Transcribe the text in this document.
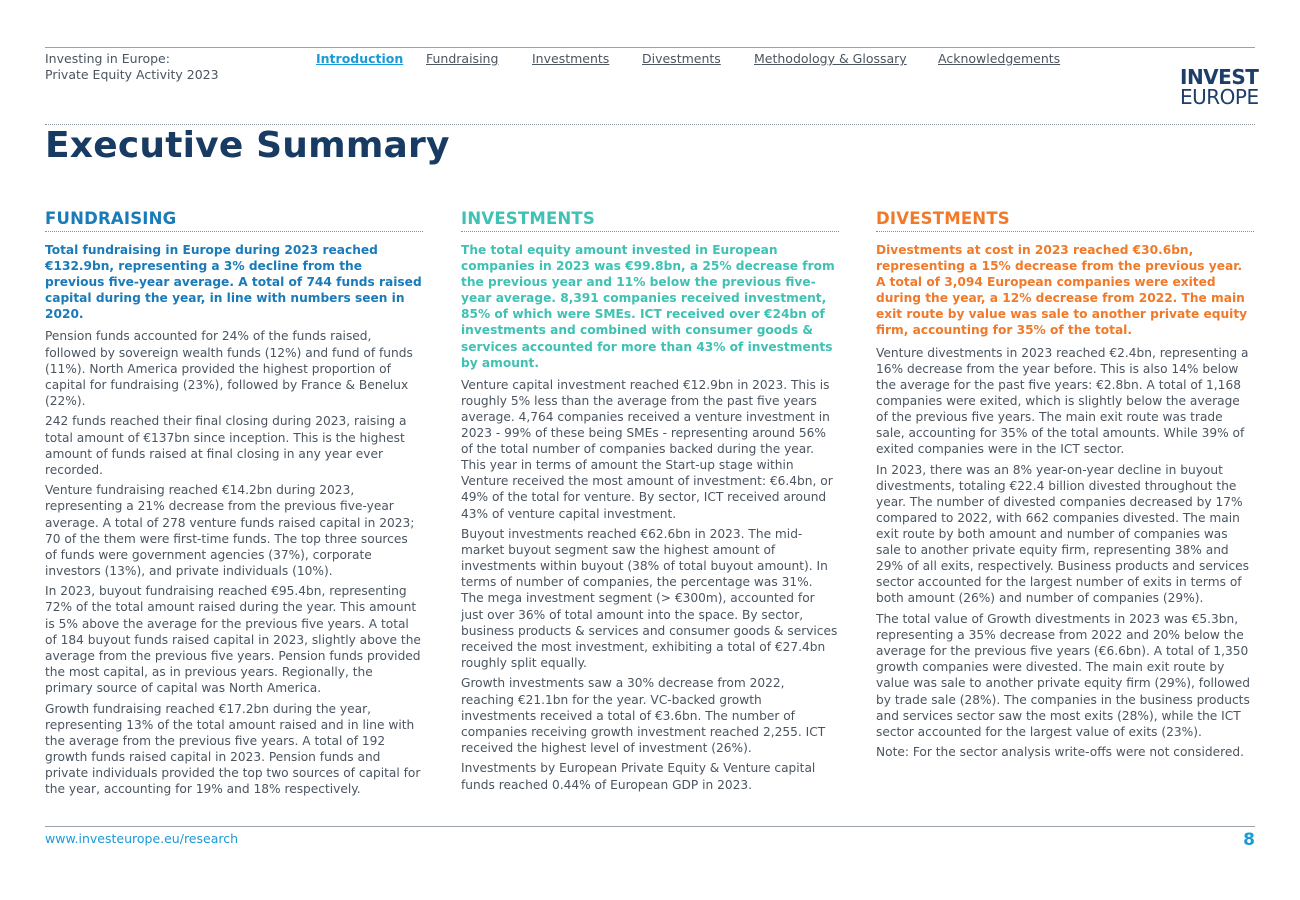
Investing in Europe:
Private Equity Activity 2023
Introduction Fundraising	Investments	Divestments	Methodology & Glossary	Acknowledgements
INVEST
EUROPE
Executive Summary
FUNDRAISING

Total fundraising in Europe during 2023 reached €132.9bn, representing a 3% decline from the previous five-year average. A total of 744 funds raised capital during the year, in line with numbers seen in 2020.

Pension funds accounted for 24% of the funds raised, followed by sovereign wealth funds (12%) and fund of funds (11%). North America provided the highest proportion of capital for fundraising (23%), followed by France & Benelux (22%).

242 funds reached their final closing during 2023, raising a total amount of €137bn since inception. This is the highest amount of funds raised at final closing in any year ever recorded.

Venture fundraising reached €14.2bn during 2023, representing a 21% decrease from the previous five-year average. A total of 278 venture funds raised capital in 2023; 70 of the them were first-time funds. The top three sources of funds were government agencies (37%), corporate investors (13%), and private individuals (10%).

In 2023, buyout fundraising reached €95.4bn, representing 72% of the total amount raised during the year. This amount is 5% above the average for the previous five years. A total of 184 buyout funds raised capital in 2023, slightly above the average from the previous five years. Pension funds provided the most capital, as in previous years. Regionally, the primary source of capital was North America.

Growth fundraising reached €17.2bn during the year, representing 13% of the total amount raised and in line with the average from the previous five years. A total of 192 growth funds raised capital in 2023. Pension funds and private individuals provided the top two sources of capital for the year, accounting for 19% and 18% respectively.

INVESTMENTS

The total equity amount invested in European companies in 2023 was €99.8bn, a 25% decrease from the previous year and 11% below the previous five-year average. 8,391 companies received investment, 85% of which were SMEs. ICT received over €24bn of investments and combined with consumer goods & services accounted for more than 43% of investments by amount.

Venture capital investment reached €12.9bn in 2023. This is roughly 5% less than the average from the past five years average. 4,764 companies received a venture investment in 2023 - 99% of these being SMEs - representing around 56% of the total number of companies backed during the year. This year in terms of amount the Start-up stage within Venture received the most amount of investment: €6.4bn, or 49% of the total for venture. By sector, ICT received around 43% of venture capital investment.

Buyout investments reached €62.6bn in 2023. The mid-market buyout segment saw the highest amount of investments within buyout (38% of total buyout amount). In terms of number of companies, the percentage was 31%. The mega investment segment (> €300m), accounted for just over 36% of total amount into the space. By sector, business products & services and consumer goods & services received the most investment, exhibiting a total of €27.4bn roughly split equally.

Growth investments saw a 30% decrease from 2022, reaching €21.1bn for the year. VC-backed growth investments received a total of €3.6bn. The number of companies receiving growth investment reached 2,255. ICT received the highest level of investment (26%).

Investments by European Private Equity & Venture capital funds reached 0.44% of European GDP in 2023.

DIVESTMENTS

Divestments at cost in 2023 reached €30.6bn, representing a 15% decrease from the previous year. A total of 3,094 European companies were exited during the year, a 12% decrease from 2022. The main exit route by value was sale to another private equity firm, accounting for 35% of the total.

Venture divestments in 2023 reached €2.4bn, representing a 16% decrease from the year before. This is also 14% below the average for the past five years: €2.8bn. A total of 1,168 companies were exited, which is slightly below the average of the previous five years. The main exit route was trade sale, accounting for 35% of the total amounts. While 39% of exited companies were in the ICT sector.

In 2023, there was an 8% year-on-year decline in buyout divestments, totaling €22.4 billion divested throughout the year. The number of divested companies decreased by 17% compared to 2022, with 662 companies divested. The main exit route by both amount and number of companies was sale to another private equity firm, representing 38% and 29% of all exits, respectively. Business products and services sector accounted for the largest number of exits in terms of both amount (26%) and number of companies (29%).

The total value of Growth divestments in 2023 was €5.3bn, representing a 35% decrease from 2022 and 20% below the average for the previous five years (€6.6bn). A total of 1,350 growth companies were divested. The main exit route by value was sale to another private equity firm (29%), followed by trade sale (28%). The companies in the business products and services sector saw the most exits (28%), while the ICT sector accounted for the largest value of exits (23%).

Note: For the sector analysis write-offs were not considered.

www.investeurope.eu/research	8
